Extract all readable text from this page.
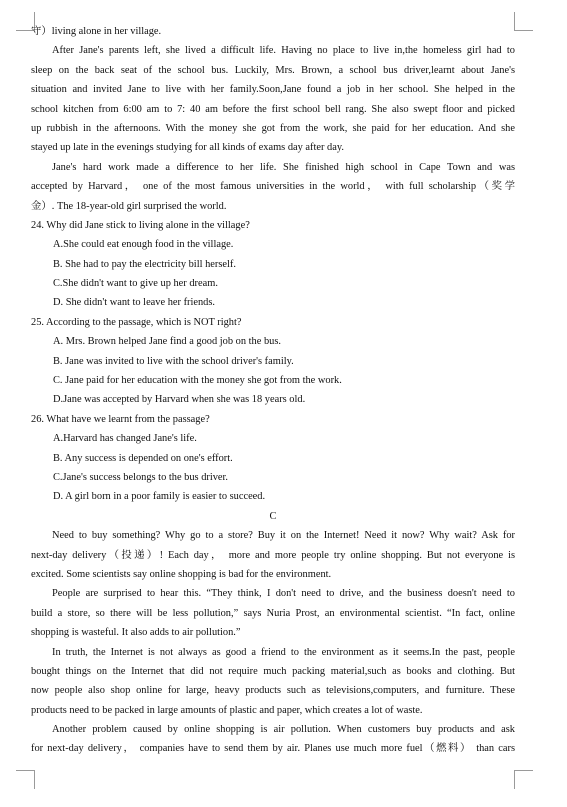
守）living alone in her village.
After Jane's parents left, she lived a difficult life. Having no place to live in,the homeless girl had to
sleep on the back seat of the school bus. Luckily, Mrs. Brown, a school bus driver,learnt about Jane's
situation and invited Jane to live with her family.Soon,Jane found a job in her school. She helped in the
school kitchen from 6:00 am to 7: 40 am before the first school bell rang. She also swept floor and picked
up rubbish in the afternoons. With the money she got from the work, she paid for her education. And she
stayed up late in the evenings studying for all kinds of exams day after day.
Jane's hard work made a difference to her life. She finished high school in Cape Town and was
accepted by Harvard， one of the most famous universities in the world， with full scholarship（奖学
金）. The 18-year-old girl surprised the world.
24. Why did Jane stick to living alone in the village?
A.She could eat enough food in the village.
B. She had to pay the electricity bill herself.
C.She didn't want to give up her dream.
D. She didn't want to leave her friends.
25. According to the passage, which is NOT right?
A. Mrs. Brown helped Jane find a good job on the bus.
B. Jane was invited to live with the school driver's family.
C. Jane paid for her education with the money she got from the work.
D.Jane was accepted by Harvard when she was 18 years old.
26. What have we learnt from the passage?
A.Harvard has changed Jane's life.
B. Any success is depended on one's effort.
C.Jane's success belongs to the bus driver.
D. A girl born in a poor family is easier to succeed.
C
Need to buy something? Why go to a store? Buy it on the Internet! Need it now? Why wait? Ask for
next-day delivery（投递）! Each day， more and more people try online shopping. But not everyone is
excited. Some scientists say online shopping is bad for the environment.
People are surprised to hear this. “They think, I don't need to drive, and the business doesn't need to
build a store, so there will be less pollution,” says Nuria Prost, an environmental scientist. “In fact, online
shopping is wasteful. It also adds to air pollution.”
In truth, the Internet is not always as good a friend to the environment as it seems.In the past, people
bought things on the Internet that did not require much packing material,such as books and clothing. But
now people also shop online for large, heavy products such as televisions,computers, and furniture. These
products need to be packed in large amounts of plastic and paper, which creates a lot of waste.
Another problem caused by online shopping is air pollution. When customers buy products and ask
for next-day delivery， companies have to send them by air. Planes use much more fuel（燃料） than cars
